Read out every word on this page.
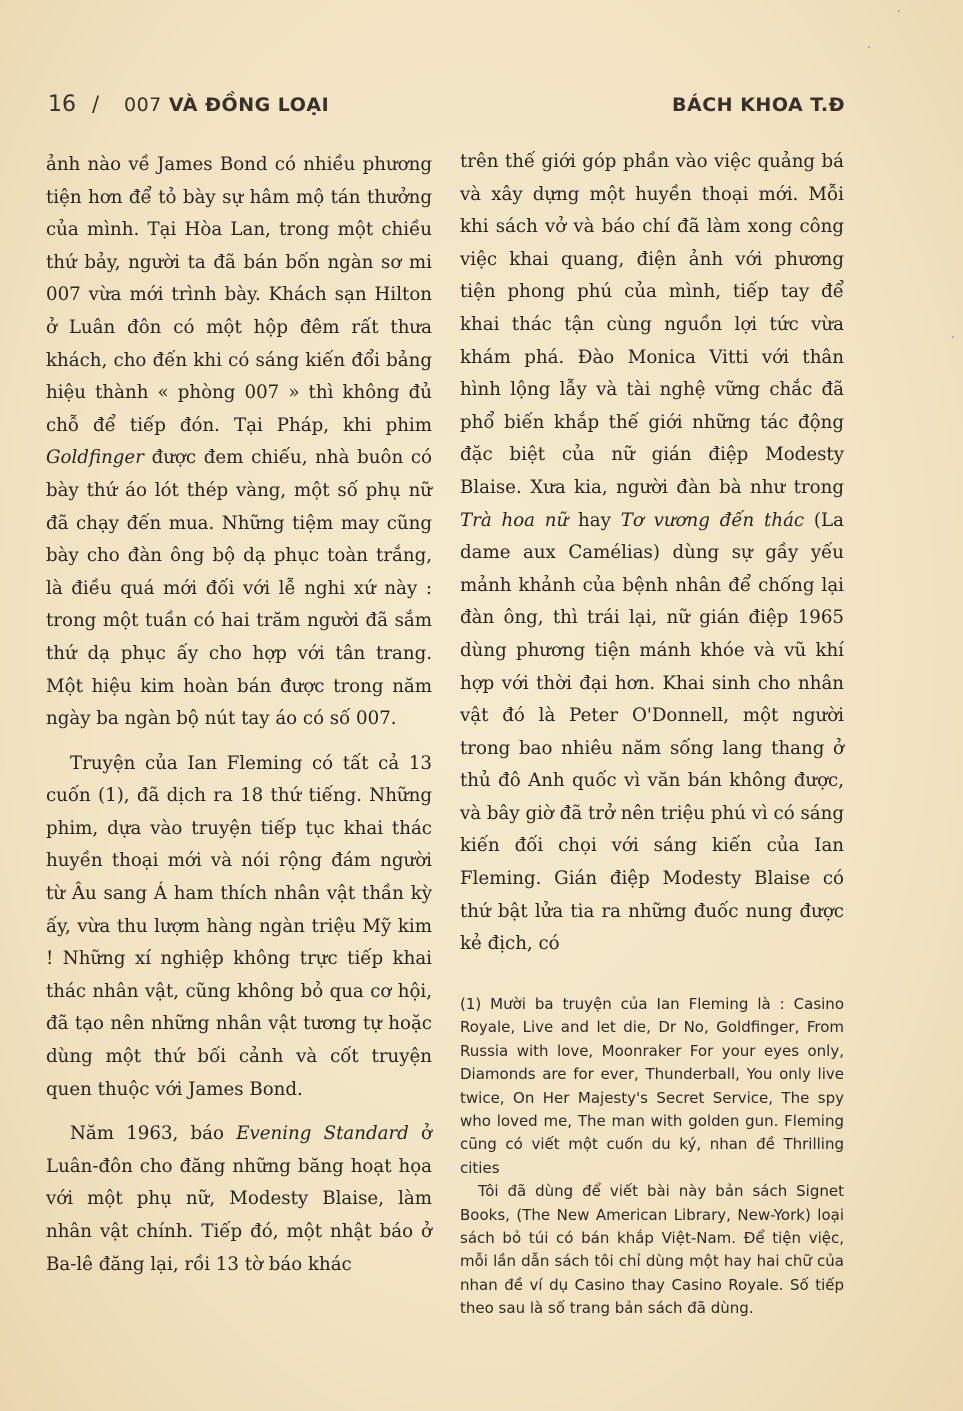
16 / 007 VÀ ĐỒNG LOẠI	BÁCH KHOA T.Đ

ảnh nào về James Bond có nhiều phương tiện hơn để tỏ bày sự hâm mộ tán thưởng của mình. Tại Hòa Lan, trong một chiều thứ bảy, người ta đã bán bốn ngàn sơ mi 007 vừa mới trình bày. Khách sạn Hilton ở Luân đôn có một hộp đêm rất thưa khách, cho đến khi có sáng kiến đổi bảng hiệu thành « phòng 007 » thì không đủ chỗ để tiếp đón. Tại Pháp, khi phim Goldfinger được đem chiếu, nhà buôn có bày thứ áo lót thép vàng, một số phụ nữ đã chạy đến mua. Những tiệm may cũng bày cho đàn ông bộ dạ phục toàn trắng, là điều quá mới đối với lễ nghi xứ này : trong một tuần có hai trăm người đã sắm thứ dạ phục ấy cho hợp với tân trang. Một hiệu kim hoàn bán được trong năm ngày ba ngàn bộ nút tay áo có số 007.

Truyện của Ian Fleming có tất cả 13 cuốn (1), đã dịch ra 18 thứ tiếng. Những phim, dựa vào truyện tiếp tục khai thác huyền thoại mới và nói rộng đám người từ Âu sang Á ham thích nhân vật thần kỳ ấy, vừa thu lượm hàng ngàn triệu Mỹ kim ! Những xí nghiệp không trực tiếp khai thác nhân vật, cũng không bỏ qua cơ hội, đã tạo nên những nhân vật tương tự hoặc dùng một thứ bối cảnh và cốt truyện quen thuộc với James Bond.

Năm 1963, báo Evening Standard ở Luân-đôn cho đăng những băng hoạt họa với một phụ nữ, Modesty Blaise, làm nhân vật chính. Tiếp đó, một nhật báo ở Ba-lê đăng lại, rồi 13 tờ báo khác

trên thế giới góp phần vào việc quảng bá và xây dựng một huyền thoại mới. Mỗi khi sách vở và báo chí đã làm xong công việc khai quang, điện ảnh với phương tiện phong phú của mình, tiếp tay để khai thác tận cùng nguồn lợi tức vừa khám phá. Đào Monica Vitti với thân hình lộng lẫy và tài nghệ vững chắc đã phổ biến khắp thế giới những tác động đặc biệt của nữ gián điệp Modesty Blaise. Xưa kia, người đàn bà như trong Trà hoa nữ hay Tơ vương đến thác (La dame aux Camélias) dùng sự gầy yếu mảnh khảnh của bệnh nhân để chống lại đàn ông, thì trái lại, nữ gián điệp 1965 dùng phương tiện mánh khóe và vũ khí hợp với thời đại hơn. Khai sinh cho nhân vật đó là Peter O'Donnell, một người trong bao nhiêu năm sống lang thang ở thủ đô Anh quốc vì văn bán không được, và bây giờ đã trở nên triệu phú vì có sáng kiến đối chọi với sáng kiến của Ian Fleming. Gián điệp Modesty Blaise có thứ bật lửa tia ra những đuốc nung được kẻ địch, có

(1) Mười ba truyện của Ian Fleming là : Casino Royale, Live and let die, Dr No, Goldfinger, From Russia with love, Moonraker For your eyes only, Diamonds are for ever, Thunderball, You only live twice, On Her Majesty's Secret Service, The spy who loved me, The man with golden gun. Fleming cũng có viết một cuốn du ký, nhan đề Thrilling cities

Tôi đã dùng để viết bài này bản sách Signet Books, (The New American Library, New-York) loại sách bỏ túi có bán khắp Việt-Nam. Để tiện việc, mỗi lần dẫn sách tôi chỉ dùng một hay hai chữ của nhan đề ví dụ Casino thay Casino Royale. Số tiếp theo sau là số trang bản sách đã dùng.

·
·
·
